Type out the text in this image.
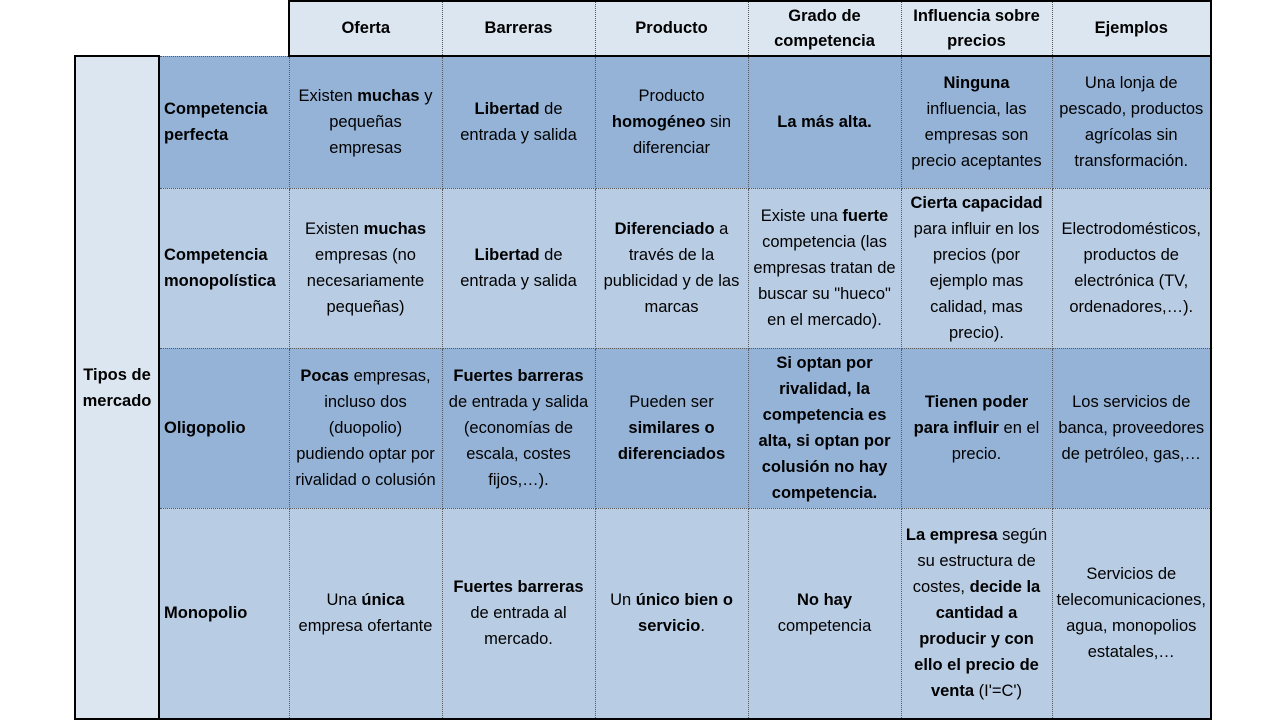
		Oferta	Barreras	Producto	Grado de competencia	Influencia sobre precios	Ejemplos
Tipos de mercado	Competencia perfecta	Existen muchas y pequeñas empresas	Libertad de entrada y salida	Producto homogéneo sin diferenciar	La más alta.	Ninguna influencia, las empresas son precio aceptantes	Una lonja de pescado, productos agrícolas sin transformación.
	Competencia monopolística	Existen muchas empresas (no necesariamente pequeñas)	Libertad de entrada y salida	Diferenciado a través de la publicidad y de las marcas	Existe una fuerte competencia (las empresas tratan de buscar su "hueco" en el mercado).	Cierta capacidad para influir en los precios (por ejemplo mas calidad, mas precio).	Electrodomésticos, productos de electrónica (TV, ordenadores,…).
	Oligopolio	Pocas empresas, incluso dos (duopolio) pudiendo optar por rivalidad o colusión	Fuertes barreras de entrada y salida (economías de escala, costes fijos,…).	Pueden ser similares o diferenciados	Si optan por rivalidad, la competencia es alta, si optan por colusión no hay competencia.	Tienen poder para influir en el precio.	Los servicios de banca, proveedores de petróleo, gas,…
	Monopolio	Una única empresa ofertante	Fuertes barreras de entrada al mercado.	Un único bien o servicio.	No hay competencia	La empresa según su estructura de costes, decide la cantidad a producir y con ello el precio de venta (I'=C')	Servicios de telecomunicaciones, agua, monopolios estatales,…
